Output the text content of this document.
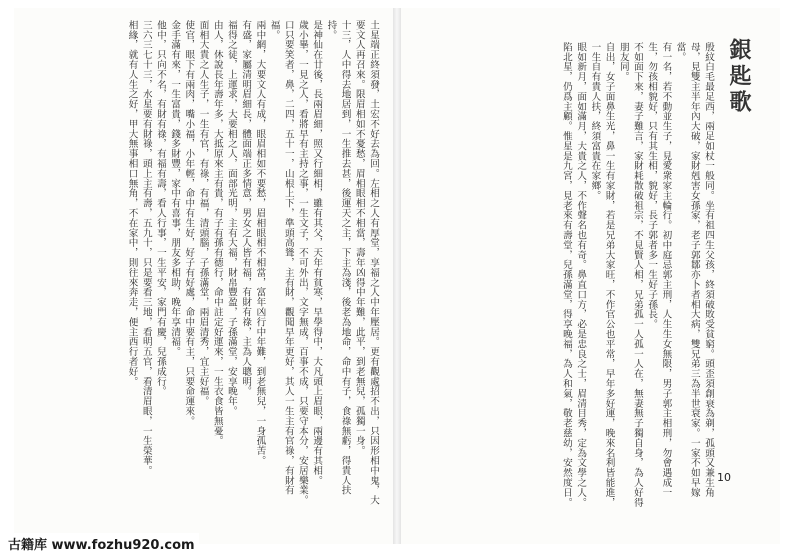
銀匙歌

殷紋白毛最足西，兩足如杖一般同。坐有祖四生父孩，終須破敗受貧窮。頭歪須創衰為剃，孤頭又兼生角母，見雙主半年內大破，家財剋害女孫家，老子郭鄒亦卜者相大病，雙兄弟三為半世衰家。一家不如早嫁當。

有一名，若不動並生子，見愛衆家主輪行。初中庭忌郭主刑，人生生女無限，男子郭主相刑，勿會遇成一生，勿孩相貌好，只有其生相，貌好，長子郭者多一生好子孫長。

不如面下來，妻子難言，家財耗散破祖宗，不見賢人相，兄弟孤一人孤一人在，無妻無子獨自身，為人好得朋友同。

自出，女子面鼻生光，鼻一生有家財，若是兄弟大家旺，不作官公也平常，早年多好運，晚來名利皆能進，一生自有貴人扶，終須富貴在家鄉。

眼如新月，面如滿月，大貴之人，不作聲名也有奇。鼻直口方，必是忠良之士，眉清目秀，定為文學之人。

陷北星，仍爲主顧。惟星是九宮，見老來有壽堂，兒孫滿堂，得享晚福，為人和氣，敬老慈幼，安然度日。	10

土星端正終須發，土宏不好去為回。左相之人有厚堂，享福之人中年壓居。更有觀處招不出，只因形相中鬼，大要文人再召來。限眉相如不憂愁，眉相眼相不相當，壽年凶得中年難，此平，到老無兒，孤獨一身。

十三，人中得去地居到，一生推去甚，後運天之主，下主為淺，後老為地命，命中有子，食祿無虧，得貴人扶持。

是神仙在廿後，長兩眉細，照又行細相，雖有其父，天年有貧寒，早學得中，大凡頭上眉眼，兩邊有其相。

歲小畢，一見之人，看將早有主持之事，一生文子，不可外出，文字無成，百事不成，只要守本分，安居樂業。

口只要笑者，鼻，二四，五十一，山根上下，準頭高聳，主有財，觀聞早年更好，其人一生主有官祿，有財有福。

兩中網，大要文人有成，眼眉相如不要愁，眉相眼相不相當，富年凶行中年難，到老無兒，一身孤苦。

有盛，家屬清明眉細長，體面端正多情意，男女之人皆有福，有財有祿，主為人聰明。

福得之徒，上運求，大要相之人，面部光明，主有大福，財帛豐盈，子孫滿堂，安享晚年。

由人，休說長年壽年多，大抵原來主有貴，有子有孫有德行，命中註定好運來，一生衣食皆無憂。

面相大貴之人生子，一生有官，有祿，有福，清頭腦，子孫滿堂，兩眉清秀，宜主好福。

使官，眼下有兩肉，嘴小福，小年輕，命中有生好，好子有好處，命中要有主，只要命運來。

金手滿有來，一生富貴，錢多財豐，家中有喜事，朋友多相助，晚年享清福。

他中，只向不名，有財有祿，有福有壽，看人行事，一生平安，家門有慶，兒孫成行。

三六三七十三，水星要有財祿，頭上主有壽，五九十，只是要看三地，看明五官，看清眉眼，一生榮華。

相緣，就有人生之好，甲大無事相口無角，不在家中，則往來奔走，便主西行者好。

古籍库 www.fozhu920.com
